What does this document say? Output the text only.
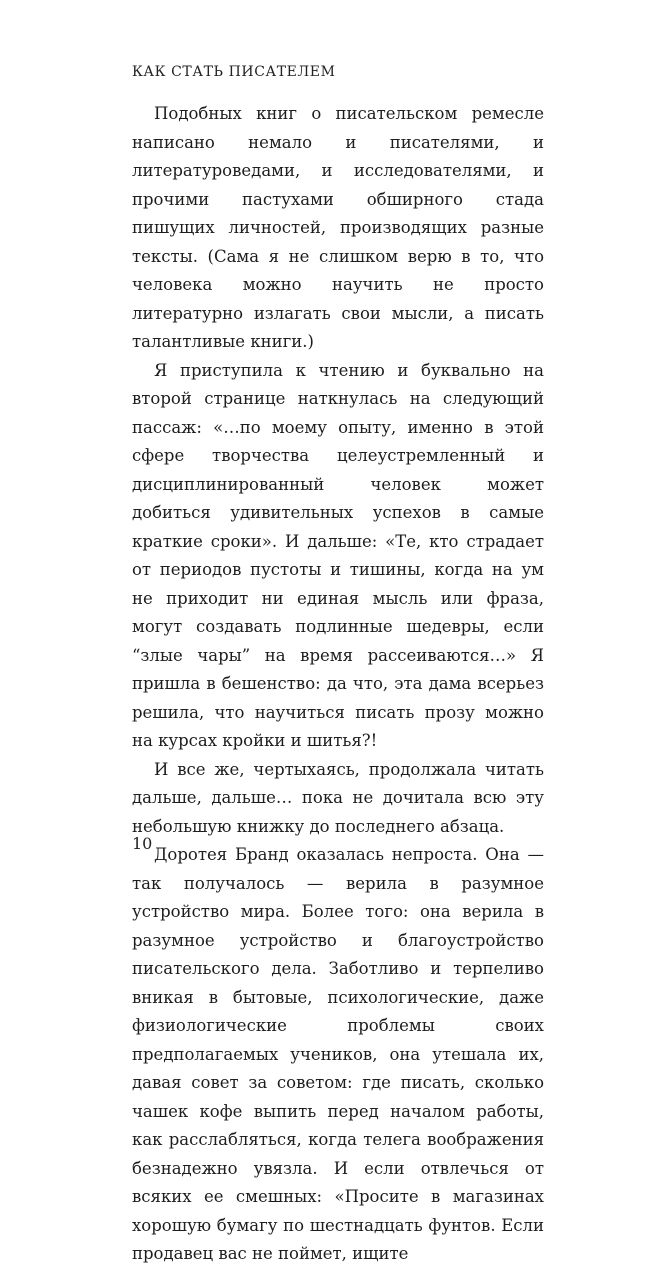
КАК СТАТЬ ПИСАТЕЛЕМ

Подобных книг о писательском ремесле написано немало и писателями, и литературоведами, и исследователями, и прочими пастухами обширного стада пишущих личностей, производящих разные тексты. (Сама я не слишком верю в то, что человека можно научить не просто литературно излагать свои мысли, а писать талантливые книги.)

Я приступила к чтению и буквально на второй странице наткнулась на следующий пассаж: «…по моему опыту, именно в этой сфере творчества целеустремленный и дисциплинированный человек может добиться удивительных успехов в самые краткие сроки». И дальше: «Те, кто страдает от периодов пустоты и тишины, когда на ум не приходит ни единая мысль или фраза, могут создавать подлинные шедевры, если “злые чары” на время рассеиваются…» Я пришла в бешенство: да что, эта дама всерьез решила, что научиться писать прозу можно на курсах кройки и шитья?!

И все же, чертыхаясь, продолжала читать дальше, дальше… пока не дочитала всю эту небольшую книжку до последнего абзаца.

Доротея Бранд оказалась непроста. Она — так получалось — верила в разумное устройство мира. Более того: она верила в разумное устройство и благоустройство писательского дела. Заботливо и терпеливо вникая в бытовые, психологические, даже физиологические проблемы своих предполагаемых учеников, она утешала их, давая совет за советом: где писать, сколько чашек кофе выпить перед началом работы, как расслабляться, когда телега воображения безнадежно увязла. И если отвлечься от всяких ее смешных: «Просите в магазинах хорошую бумагу по шестнадцать фунтов. Если продавец вас не поймет, ищите

10
